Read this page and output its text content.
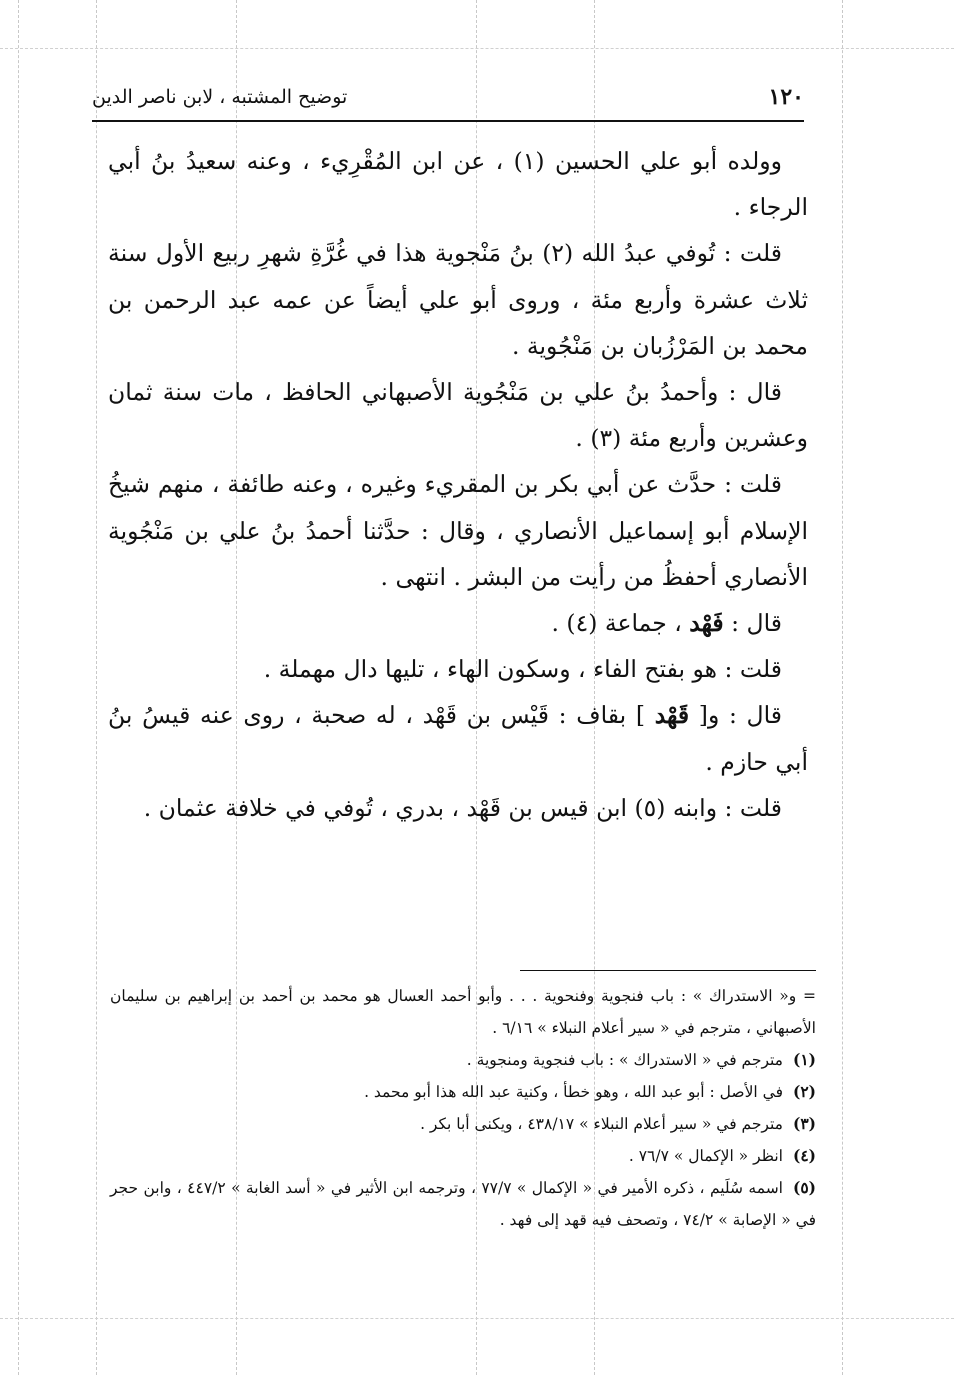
١٢٠
توضيح المشتبه ، لابن ناصر الدين

وولده أبو علي الحسين (١) ، عن ابن المُقْرِيء ، وعنه سعيدُ بنُ أبي الرجاء .

قلت : تُوفي عبدُ الله (٢) بنُ مَنْجوية هذا في غُرَّةِ شهرِ ربيع الأول سنة ثلاث عشرة وأربع مئة ، وروى أبو علي أيضاً عن عمه عبد الرحمن بن محمد بن المَرْزُبان بن مَنْجُوية .

قال : وأحمدُ بنُ علي بن مَنْجُوية الأصبهاني الحافظ ، مات سنة ثمان وعشرين وأربع مئة (٣) .

قلت : حدَّث عن أبي بكر بن المقريء وغيره ، وعنه طائفة ، منهم شيخُ الإسلام أبو إسماعيل الأنصاري ، وقال : حدَّثنا أحمدُ بنُ علي بن مَنْجُوية الأنصاري أحفظُ من رأيت من البشر . انتهى .

قال : فَهْد ، جماعة (٤) .

قلت : هو بفتح الفاء ، وسكون الهاء ، تليها دال مهملة .

قال : و[ قَهْد ] بقاف : قَيْس بن قَهْد ، له صحبة ، روى عنه قيسُ بنُ أبي حازم .

قلت : وابنه (٥) ابن قيس بن قَهْد ، بدري ، تُوفي في خلافة عثمان .

= و« الاستدراك » : باب فنجوية وفنحوية . . . وأبو أحمد العسال هو محمد بن أحمد بن إبراهيم بن سليمان الأصبهاني ، مترجم في « سير أعلام النبلاء » ٦/١٦ .

(١)مترجم في « الاستدراك » : باب فنجوية ومنجوية .

(٢)في الأصل : أبو عبد الله ، وهو خطأ ، وكنية عبد الله هذا أبو محمد .

(٣)مترجم في « سير أعلام النبلاء » ٤٣٨/١٧ ، ويكنى أبا بكر .

(٤)انظر « الإكمال » ٧٦/٧ .

(٥)اسمه سُلَيم ، ذكره الأمير في « الإكمال » ٧٧/٧ ، وترجمه ابن الأثير في « أسد الغابة » ٤٤٧/٢ ، وابن حجر في « الإصابة » ٧٤/٢ ، وتصحف فيه قهد إلى فهد .
